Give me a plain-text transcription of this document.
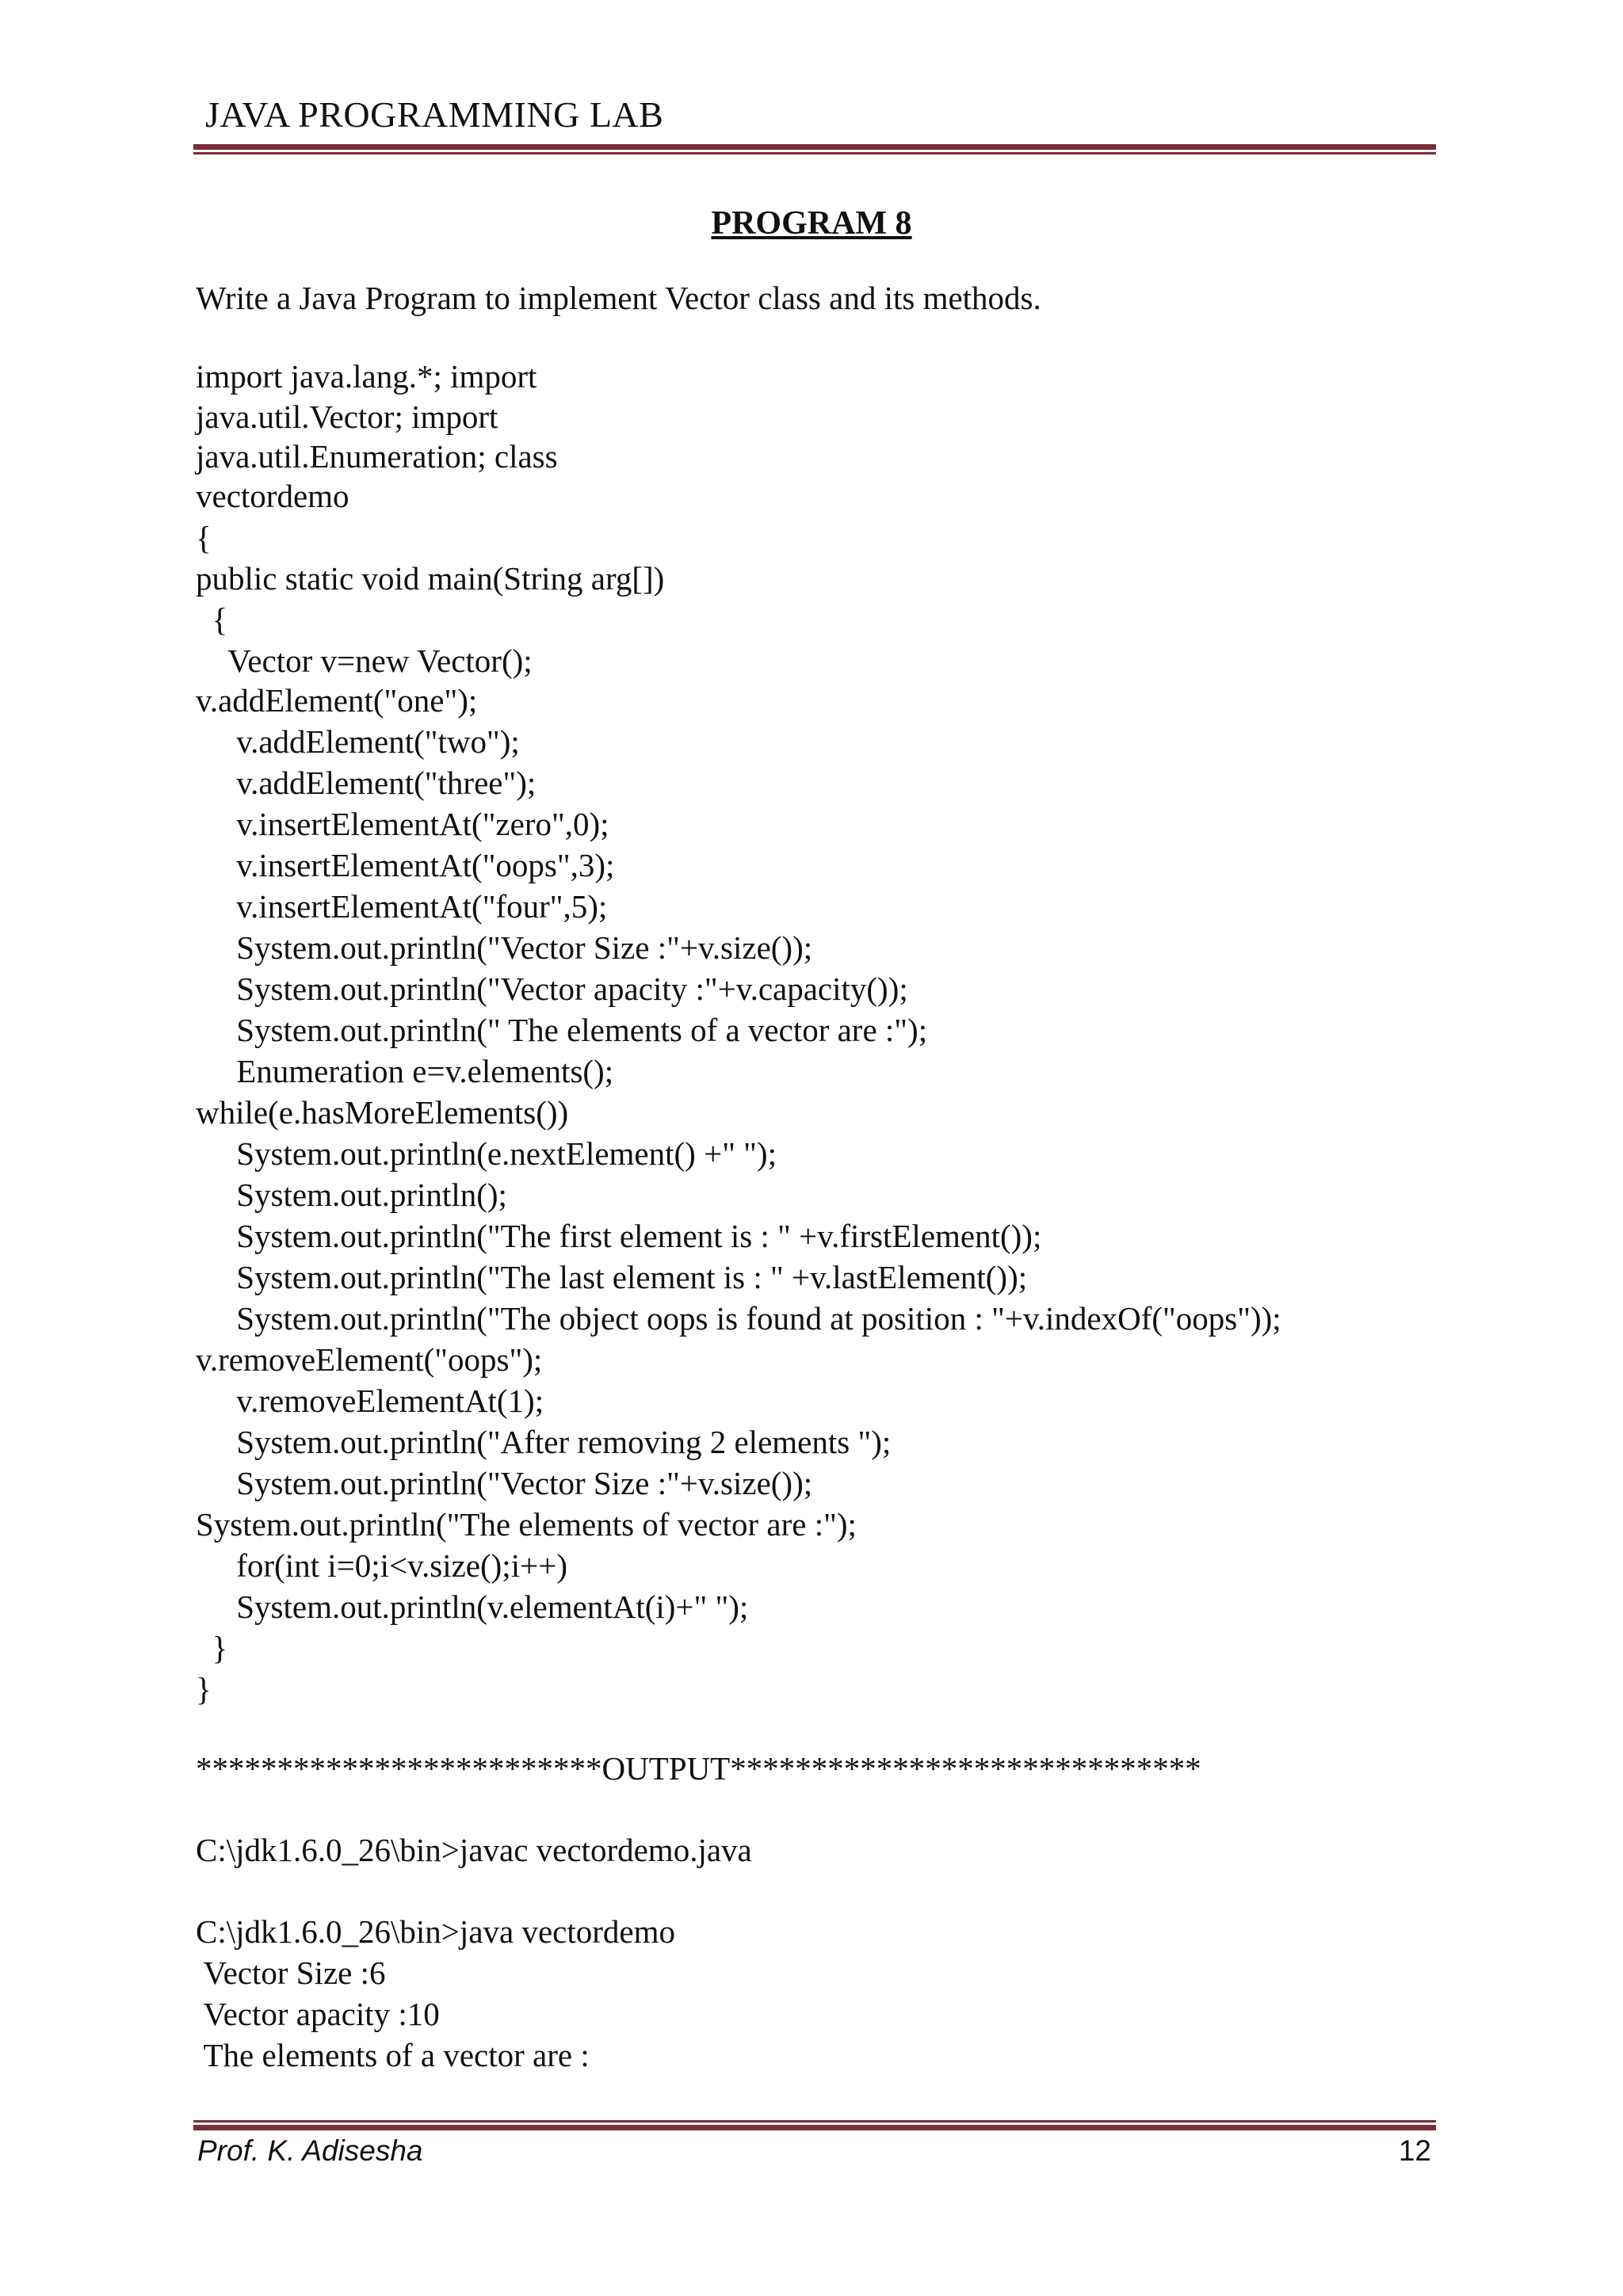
JAVA PROGRAMMING LAB
PROGRAM 8
Write a Java Program to implement Vector class and its methods.
import java.lang.*; import
java.util.Vector; import
java.util.Enumeration; class
vectordemo
{
public static void main(String arg[])
{
Vector v=new Vector();
v.addElement("one");
v.addElement("two");
v.addElement("three");
v.insertElementAt("zero",0);
v.insertElementAt("oops",3);
v.insertElementAt("four",5);
System.out.println("Vector Size :"+v.size());
System.out.println("Vector apacity :"+v.capacity());
System.out.println(" The elements of a vector are :");
Enumeration e=v.elements();
while(e.hasMoreElements())
System.out.println(e.nextElement() +" ");
System.out.println();
System.out.println("The first element is : " +v.firstElement());
System.out.println("The last element is : " +v.lastElement());
System.out.println("The object oops is found at position : "+v.indexOf("oops"));
v.removeElement("oops");
v.removeElementAt(1);
System.out.println("After removing 2 elements ");
System.out.println("Vector Size :"+v.size());
System.out.println("The elements of vector are :");
for(int i=0;i<v.size();i++)
System.out.println(v.elementAt(i)+" ");
}
}
*************************OUTPUT*****************************
C:\jdk1.6.0_26\bin>javac vectordemo.java
C:\jdk1.6.0_26\bin>java vectordemo
Vector Size :6
Vector apacity :10
The elements of a vector are :
Prof. K. Adisesha	12
